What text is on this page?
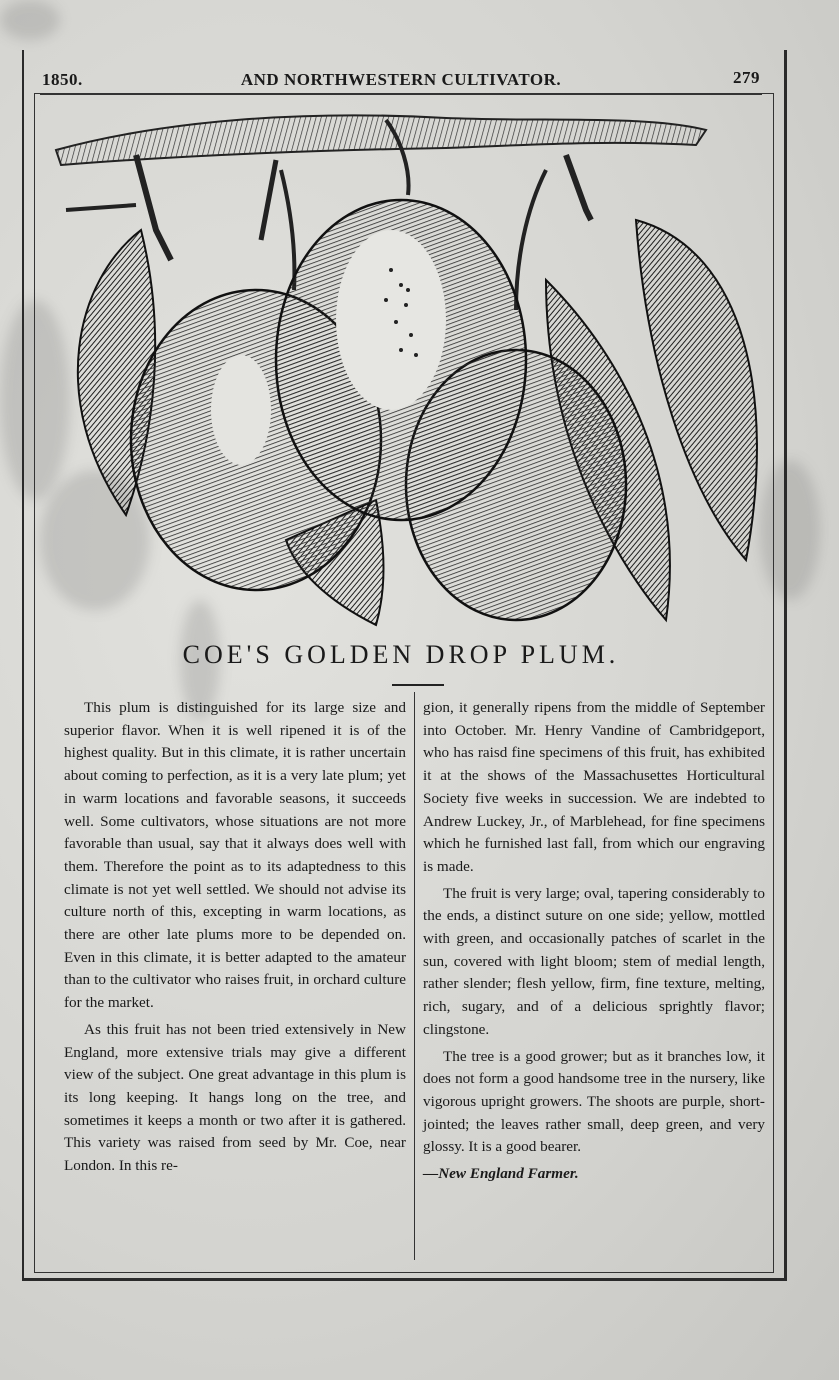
1850.	AND NORTHWESTERN CULTIVATOR.	279
COE'S GOLDEN DROP PLUM.

This plum is distinguished for its large size and superior flavor. When it is well ripened it is of the highest quality. But in this climate, it is rather uncertain about coming to perfection, as it is a very late plum; yet in warm locations and favorable seasons, it succeeds well. Some cultivators, whose situations are not more favorable than usual, say that it always does well with them. Therefore the point as to its adaptedness to this climate is not yet well settled. We should not advise its culture north of this, excepting in warm locations, as there are other late plums more to be depended on. Even in this climate, it is better adapted to the amateur than to the cultivator who raises fruit, in orchard culture for the market.

As this fruit has not been tried extensively in New England, more extensive trials may give a different view of the subject. One great advantage in this plum is its long keeping. It hangs long on the tree, and sometimes it keeps a month or two after it is gathered. This variety was raised from seed by Mr. Coe, near London. In this re-

gion, it generally ripens from the middle of September into October. Mr. Henry Vandine of Cambridgeport, who has raisd fine specimens of this fruit, has exhibited it at the shows of the Massachusettes Horticultural Society five weeks in succession. We are indebted to Andrew Luckey, Jr., of Marblehead, for fine specimens which he furnished last fall, from which our engraving is made.

The fruit is very large; oval, tapering considerably to the ends, a distinct suture on one side; yellow, mottled with green, and occasionally patches of scarlet in the sun, covered with light bloom; stem of medial length, rather slender; flesh yellow, firm, fine texture, melting, rich, sugary, and of a delicious sprightly flavor; clingstone.

The tree is a good grower; but as it branches low, it does not form a good handsome tree in the nursery, like vigorous upright growers. The shoots are purple, short-jointed; the leaves rather small, deep green, and very glossy. It is a good bearer.

—New England Farmer.
